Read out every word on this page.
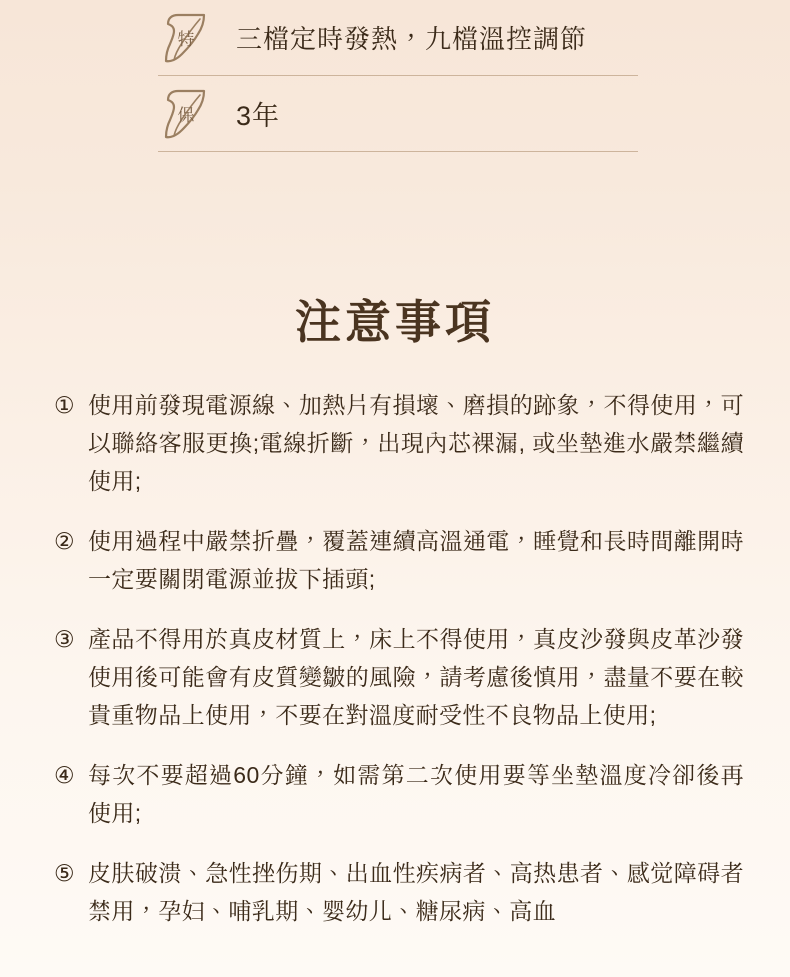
特	三檔定時發熱，九檔溫控調節
保	3年
注意事項
① 使用前發現電源線、加熱片有損壞、磨損的跡象，不得使用，可以聯絡客服更換;電線折斷，出現內芯裸漏, 或坐墊進水嚴禁繼續使用;
② 使用過程中嚴禁折疊，覆蓋連續高溫通電，睡覺和長時間離開時一定要關閉電源並拔下插頭;
③ 產品不得用於真皮材質上，床上不得使用，真皮沙發與皮革沙發使用後可能會有皮質變皺的風險，請考慮後慎用，盡量不要在較貴重物品上使用，不要在對溫度耐受性不良物品上使用;
④ 每次不要超過60分鐘，如需第二次使用要等坐墊溫度冷卻後再使用;
⑤ 皮肤破溃、急性挫伤期、出血性疾病者、高热患者、感觉障碍者禁用，孕妇、哺乳期、婴幼儿、糖尿病、高血
